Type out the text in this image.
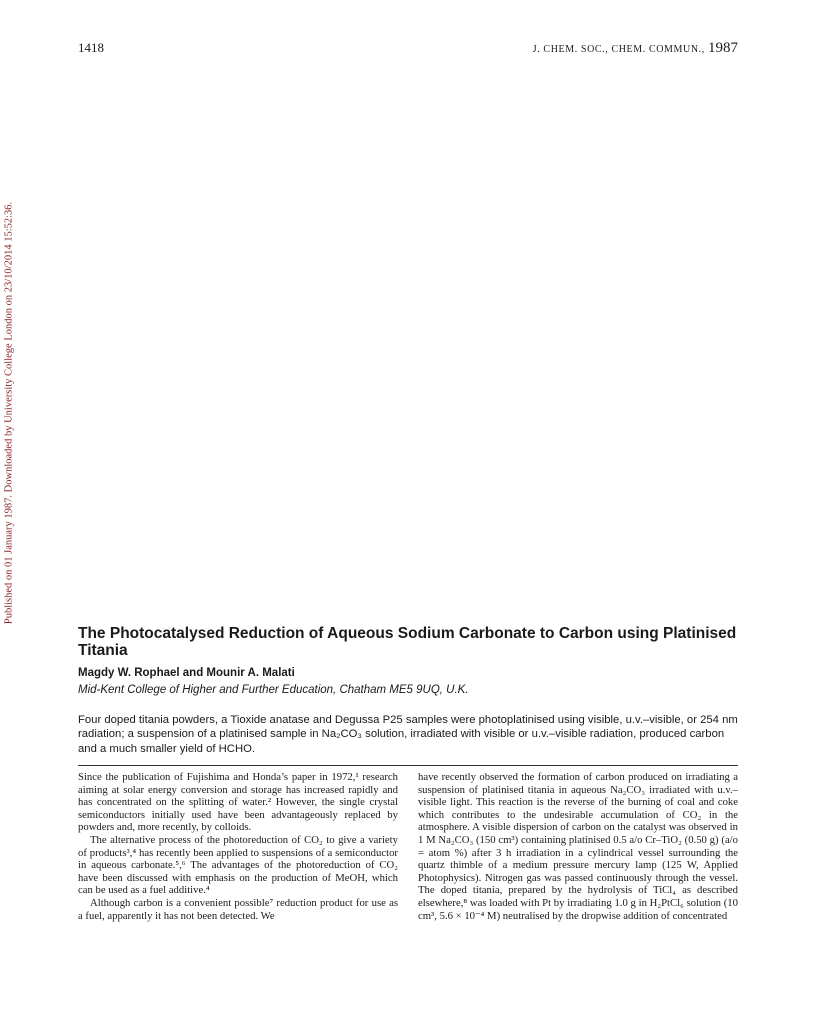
1418	J. CHEM. SOC., CHEM. COMMUN., 1987
Published on 01 January 1987. Downloaded by University College London on 23/10/2014 15:52:36.
The Photocatalysed Reduction of Aqueous Sodium Carbonate to Carbon using Platinised Titania
Magdy W. Rophael and Mounir A. Malati
Mid-Kent College of Higher and Further Education, Chatham ME5 9UQ, U.K.

Four doped titania powders, a Tioxide anatase and Degussa P25 samples were photoplatinised using visible, u.v.–visible, or 254 nm radiation; a suspension of a platinised sample in Na₂CO₃ solution, irradiated with visible or u.v.–visible radiation, produced carbon and a much smaller yield of HCHO.

Since the publication of Fujishima and Honda’s paper in 1972,¹ research aiming at solar energy conversion and storage has increased rapidly and has concentrated on the splitting of water.² However, the single crystal semiconductors initially used have been advantageously replaced by powders and, more recently, by colloids.

The alternative process of the photoreduction of CO₂ to give a variety of products³,⁴ has recently been applied to suspensions of a semiconductor in aqueous carbonate.⁵,⁶ The advantages of the photoreduction of CO₂ have been discussed with emphasis on the production of MeOH, which can be used as a fuel additive.⁴

Although carbon is a convenient possible⁷ reduction product for use as a fuel, apparently it has not been detected. We

have recently observed the formation of carbon produced on irradiating a suspension of platinised titania in aqueous Na₂CO₃ irradiated with u.v.–visible light. This reaction is the reverse of the burning of coal and coke which contributes to the undesirable accumulation of CO₂ in the atmosphere. A visible dispersion of carbon on the catalyst was observed in 1 M Na₂CO₃ (150 cm³) containing platinised 0.5 a/o Cr–TiO₂ (0.50 g) (a/o = atom %) after 3 h irradiation in a cylindrical vessel surrounding the quartz thimble of a medium pressure mercury lamp (125 W, Applied Photophysics). Nitrogen gas was passed continuously through the vessel. The doped titania, prepared by the hydrolysis of TiCl₄ as described elsewhere,⁸ was loaded with Pt by irradiating 1.0 g in H₂PtCl₆ solution (10 cm³, 5.6 × 10⁻⁴ M) neutralised by the dropwise addition of concentrated
